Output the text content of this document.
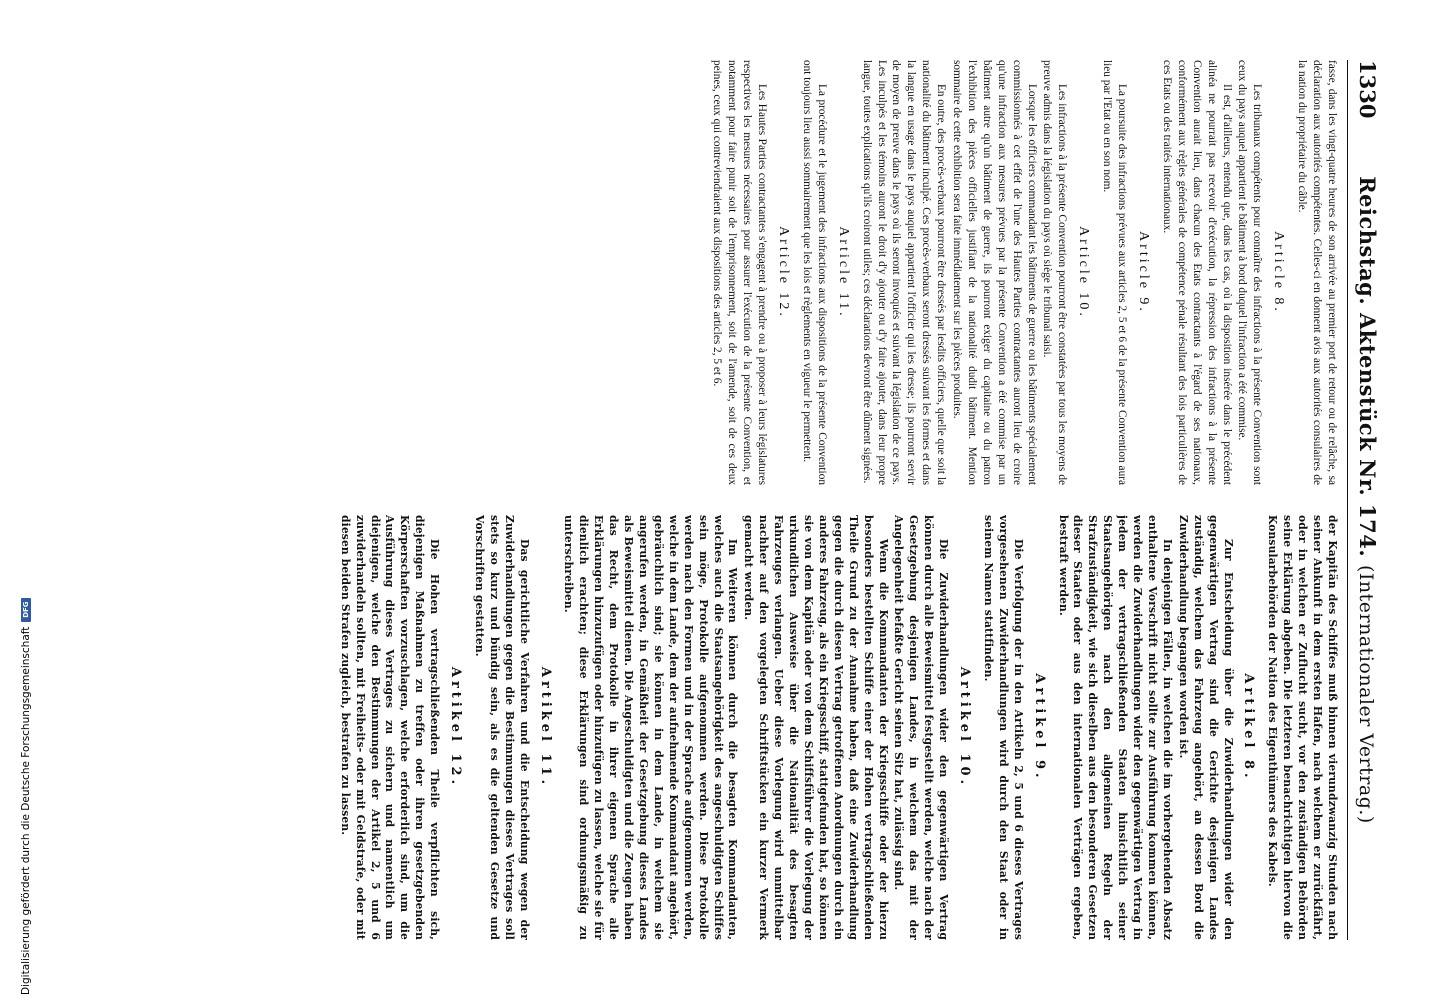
1330
Reichstag. Aktenstück Nr. 174. (Internationaler Vertrag.)

fasse, dans les vingt-quatre heures de son arrivée au premier port de retour ou de relâche, sa déclaration aux autorités compétentes. Celles-ci en donnent avis aux autorités consulaires de la nation du propriétaire du câble.

Article 8.

Les tribunaux compétents pour connaître des infractions à la présente Convention sont ceux du pays auquel appartient le bâtiment à bord duquel l'infraction a été commise.

Il est, d'ailleurs, entendu que, dans les cas, où la disposition insérée dans le précédent alinéa ne pourrait pas recevoir d'exécution, la répression des infractions à la présente Convention aurait lieu, dans chacun des Etats contractants à l'égard de ses nationaux, conformément aux règles générales de compétence pénale résultant des lois particulières de ces Etats ou des traités internationaux.

Article 9.

La poursuite des infractions prévues aux articles 2, 5 et 6 de la présente Convention aura lieu par l'Etat ou en son nom.

Article 10.

Les infractions à la présente Convention pourront être constatées par tous les moyens de preuve admis dans la législation du pays où siège le tribunal saisi.

Lorsque les officiers commandant les bâtiments de guerre ou les bâtiments spécialement commissionnés à cet effet de l'une des Hautes Parties contractantes auront lieu de croire qu'une infraction aux mesures prévues par la présente Convention a été commise par un bâtiment autre qu'un bâtiment de guerre, ils pourront exiger du capitaine ou du patron l'exhibition des pièces officielles justifiant de la nationalité dudit bâtiment. Mention sommaire de cette exhibition sera faite immédiatement sur les pièces produites.

En outre, des procès-verbaux pourront être dressés par lesdits officiers, quelle que soit la nationalité du bâtiment inculpé. Ces procès-verbaux seront dressés suivant les formes et dans la langue en usage dans le pays auquel appartient l'officier qui les dresse; ils pourront servir de moyen de preuve dans le pays où ils seront invoqués et suivant la législation de ce pays. Les inculpés et les témoins auront le droit d'y ajouter ou d'y faire ajouter, dans leur propre langue, toutes explications qu'ils croiront utiles; ces déclarations devront être dûment signées.

Article 11.

La procédure et le jugement des infractions aux dispositions de la présente Convention ont toujours lieu aussi sommairement que les lois et règlements en vigueur le permettent.

Article 12.

Les Hautes Parties contractantes s'engagent à prendre ou à proposer à leurs législatures respectives les mesures nécessaires pour assurer l'exécution de la présente Convention, et notamment pour faire punir soit de l'emprisonnement, soit de l'amende, soit de ces deux peines, ceux qui contreviendraient aux dispositions des articles 2, 5 et 6.

der Kapitän des Schiffes muß binnen vierundzwanzig Stunden nach seiner Ankunft in dem ersten Hafen, nach welchem er zurückfährt, oder in welchen er Zuflucht sucht, vor den zuständigen Behörden seine Erklärung abgeben. Die letzteren benachrichtigen hiervon die Konsularbehörden der Nation des Eigenthümers des Kabels.

Artikel 8.

Zur Entscheidung über die Zuwiderhandlungen wider den gegenwärtigen Vertrag sind die Gerichte desjenigen Landes zuständig, welchem das Fahrzeug angehört, an dessen Bord die Zuwiderhandlung begangen worden ist.

In denjenigen Fällen, in welchen die im vorhergehenden Absatz enthaltene Vorschrift nicht sollte zur Ausführung kommen können, werden die Zuwiderhandlungen wider den gegenwärtigen Vertrag in jedem der vertragschließenden Staaten hinsichtlich seiner Staatsangehörigen nach den allgemeinen Regeln der Strafzuständigkeit, wie sich dieselben aus den besonderen Gesetzen dieser Staaten oder aus den internationalen Verträgen ergeben, bestraft werden.

Artikel 9.

Die Verfolgung der in den Artikeln 2, 5 und 6 dieses Vertrages vorgesehenen Zuwiderhandlungen wird durch den Staat oder in seinem Namen stattfinden.

Artikel 10.

Die Zuwiderhandlungen wider den gegenwärtigen Vertrag können durch alle Beweismittel festgestellt werden, welche nach der Gesetzgebung desjenigen Landes, in welchem das mit der Angelegenheit befaßte Gericht seinen Sitz hat, zulässig sind.

Wenn die Kommandanten der Kriegsschiffe oder der hierzu besonders bestellten Schiffe einer der Hohen vertragschließenden Theile Grund zu der Annahme haben, daß eine Zuwiderhandlung gegen die durch diesen Vertrag getroffenen Anordnungen durch ein anderes Fahrzeug, als ein Kriegsschiff, stattgefunden hat, so können sie von dem Kapitän oder von dem Schiffsführer die Vorlegung der urkundlichen Ausweise über die Nationalität des besagten Fahrzeuges verlangen. Ueber diese Vorlegung wird unmittelbar nachher auf den vorgelegten Schriftstücken ein kurzer Vermerk gemacht werden.

Im Weiteren können durch die besagten Kommandanten, welches auch die Staatsangehörigkeit des angeschuldigten Schiffes sein möge, Protokolle aufgenommen werden. Diese Protokolle werden nach den Formen und in der Sprache aufgenommen werden, welche in dem Lande, dem der aufnehmende Kommandant angehört, gebräuchlich sind; sie können in dem Lande, in welchem sie angerufen werden, in Gemäßheit der Gesetzgebung dieses Landes als Beweismittel dienen. Die Angeschuldigten und die Zeugen haben das Recht, dem Protokolle in ihrer eigenen Sprache alle Erklärungen hinzuzufügen oder hinzufügen zu lassen, welche sie für dienlich erachten; diese Erklärungen sind ordnungsmäßig zu unterschreiben.

Artikel 11.

Das gerichtliche Verfahren und die Entscheidung wegen der Zuwiderhandlungen gegen die Bestimmungen dieses Vertrages soll stets so kurz und bündig sein, als es die geltenden Gesetze und Vorschriften gestatten.

Artikel 12.

Die Hohen vertragschließenden Theile verpflichten sich, diejenigen Maßnahmen zu treffen oder ihren gesetzgebenden Körperschaften vorzuschlagen, welche erforderlich sind, um die Ausführung dieses Vertrages zu sichern und namentlich um diejenigen, welche den Bestimmungen der Artikel 2, 5 und 6 zuwiderhandeln sollten, mit Freiheits- oder mit Geldstrafe, oder mit diesen beiden Strafen zugleich, bestrafen zu lassen.

Digitalisierung gefördert durch die Deutsche Forschungsgemeinschaft
DFG
